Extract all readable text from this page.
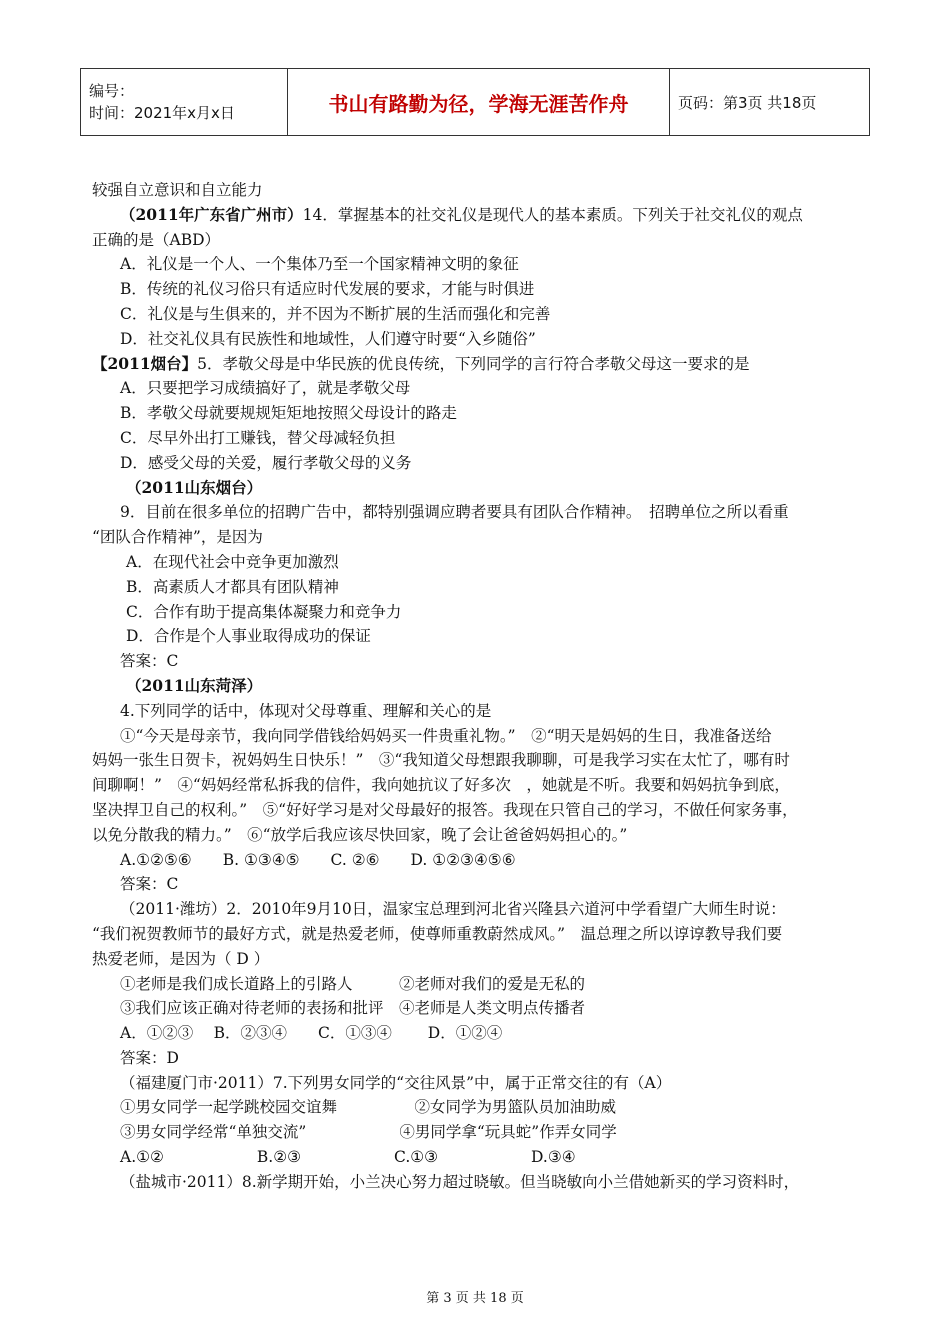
编号：
时间：2021年x月x日	书山有路勤为径，学海无涯苦作舟	页码：第3页 共18页

较强自立意识和自立能力

（2011年广东省广州市）14．掌握基本的社交礼仪是现代人的基本素质。下列关于社交礼仪的观点

正确的是（ABD）

A．礼仪是一个人、一个集体乃至一个国家精神文明的象征

B．传统的礼仪习俗只有适应时代发展的要求，才能与时俱进

C．礼仪是与生俱来的，并不因为不断扩展的生活而强化和完善

D．社交礼仪具有民族性和地域性，人们遵守时要“入乡随俗”

【2011烟台】5．孝敬父母是中华民族的优良传统，下列同学的言行符合孝敬父母这一要求的是

A．只要把学习成绩搞好了，就是孝敬父母

B．孝敬父母就要规规矩矩地按照父母设计的路走

C．尽早外出打工赚钱，替父母减轻负担

D．感受父母的关爱，履行孝敬父母的义务

（2011山东烟台）

9．目前在很多单位的招聘广告中，都特别强调应聘者要具有团队合作精神。　招聘单位之所以看重

“团队合作精神”，是因为

A．在现代社会中竞争更加激烈

B．高素质人才都具有团队精神

C．合作有助于提高集体凝聚力和竞争力

D．合作是个人事业取得成功的保证

答案：C

（2011山东菏泽）

4.下列同学的话中，体现对父母尊重、理解和关心的是

①“今天是母亲节，我向同学借钱给妈妈买一件贵重礼物。”　②“明天是妈妈的生日，我准备送给

妈妈一张生日贺卡，祝妈妈生日快乐！”　③“我知道父母想跟我聊聊，可是我学习实在太忙了，哪有时

间聊啊！”　④“妈妈经常私拆我的信件，我向她抗议了好多次　，她就是不听。我要和妈妈抗争到底，

坚决捍卫自己的权利。”　⑤“好好学习是对父母最好的报答。我现在只管自己的学习，不做任何家务事，

以免分散我的精力。”　⑥“放学后我应该尽快回家，晚了会让爸爸妈妈担心的。”

A.①②⑤⑥　　B. ①③④⑤　　C. ②⑥　　D. ①②③④⑤⑥

答案：C

（2011·潍坊）2．2010年9月10日，温家宝总理到河北省兴隆县六道河中学看望广大师生时说：

“我们祝贺教师节的最好方式，就是热爱老师，使尊师重教蔚然成风。”　温总理之所以谆谆教导我们要

热爱老师，是因为（ D ）

①老师是我们成长道路上的引路人　　　②老师对我们的爱是无私的

③我们应该正确对待老师的表扬和批评　④老师是人类文明点传播者

A．①②③　 B．②③④　　C．①③④　　 D．①②④

答案：D

（福建厦门市·2011）7.下列男女同学的“交往风景”中，属于正常交往的有（A）

①男女同学一起学跳校园交谊舞　　　　　②女同学为男篮队员加油助威

③男女同学经常“单独交流”　　　　　　④男同学拿“玩具蛇”作弄女同学

A.①②　　　　　　B.②③　　　　　　C.①③　　　　　　D.③④

（盐城市·2011）8.新学期开始，小兰决心努力超过晓敏。但当晓敏向小兰借她新买的学习资料时，

第 3 页 共 18 页
